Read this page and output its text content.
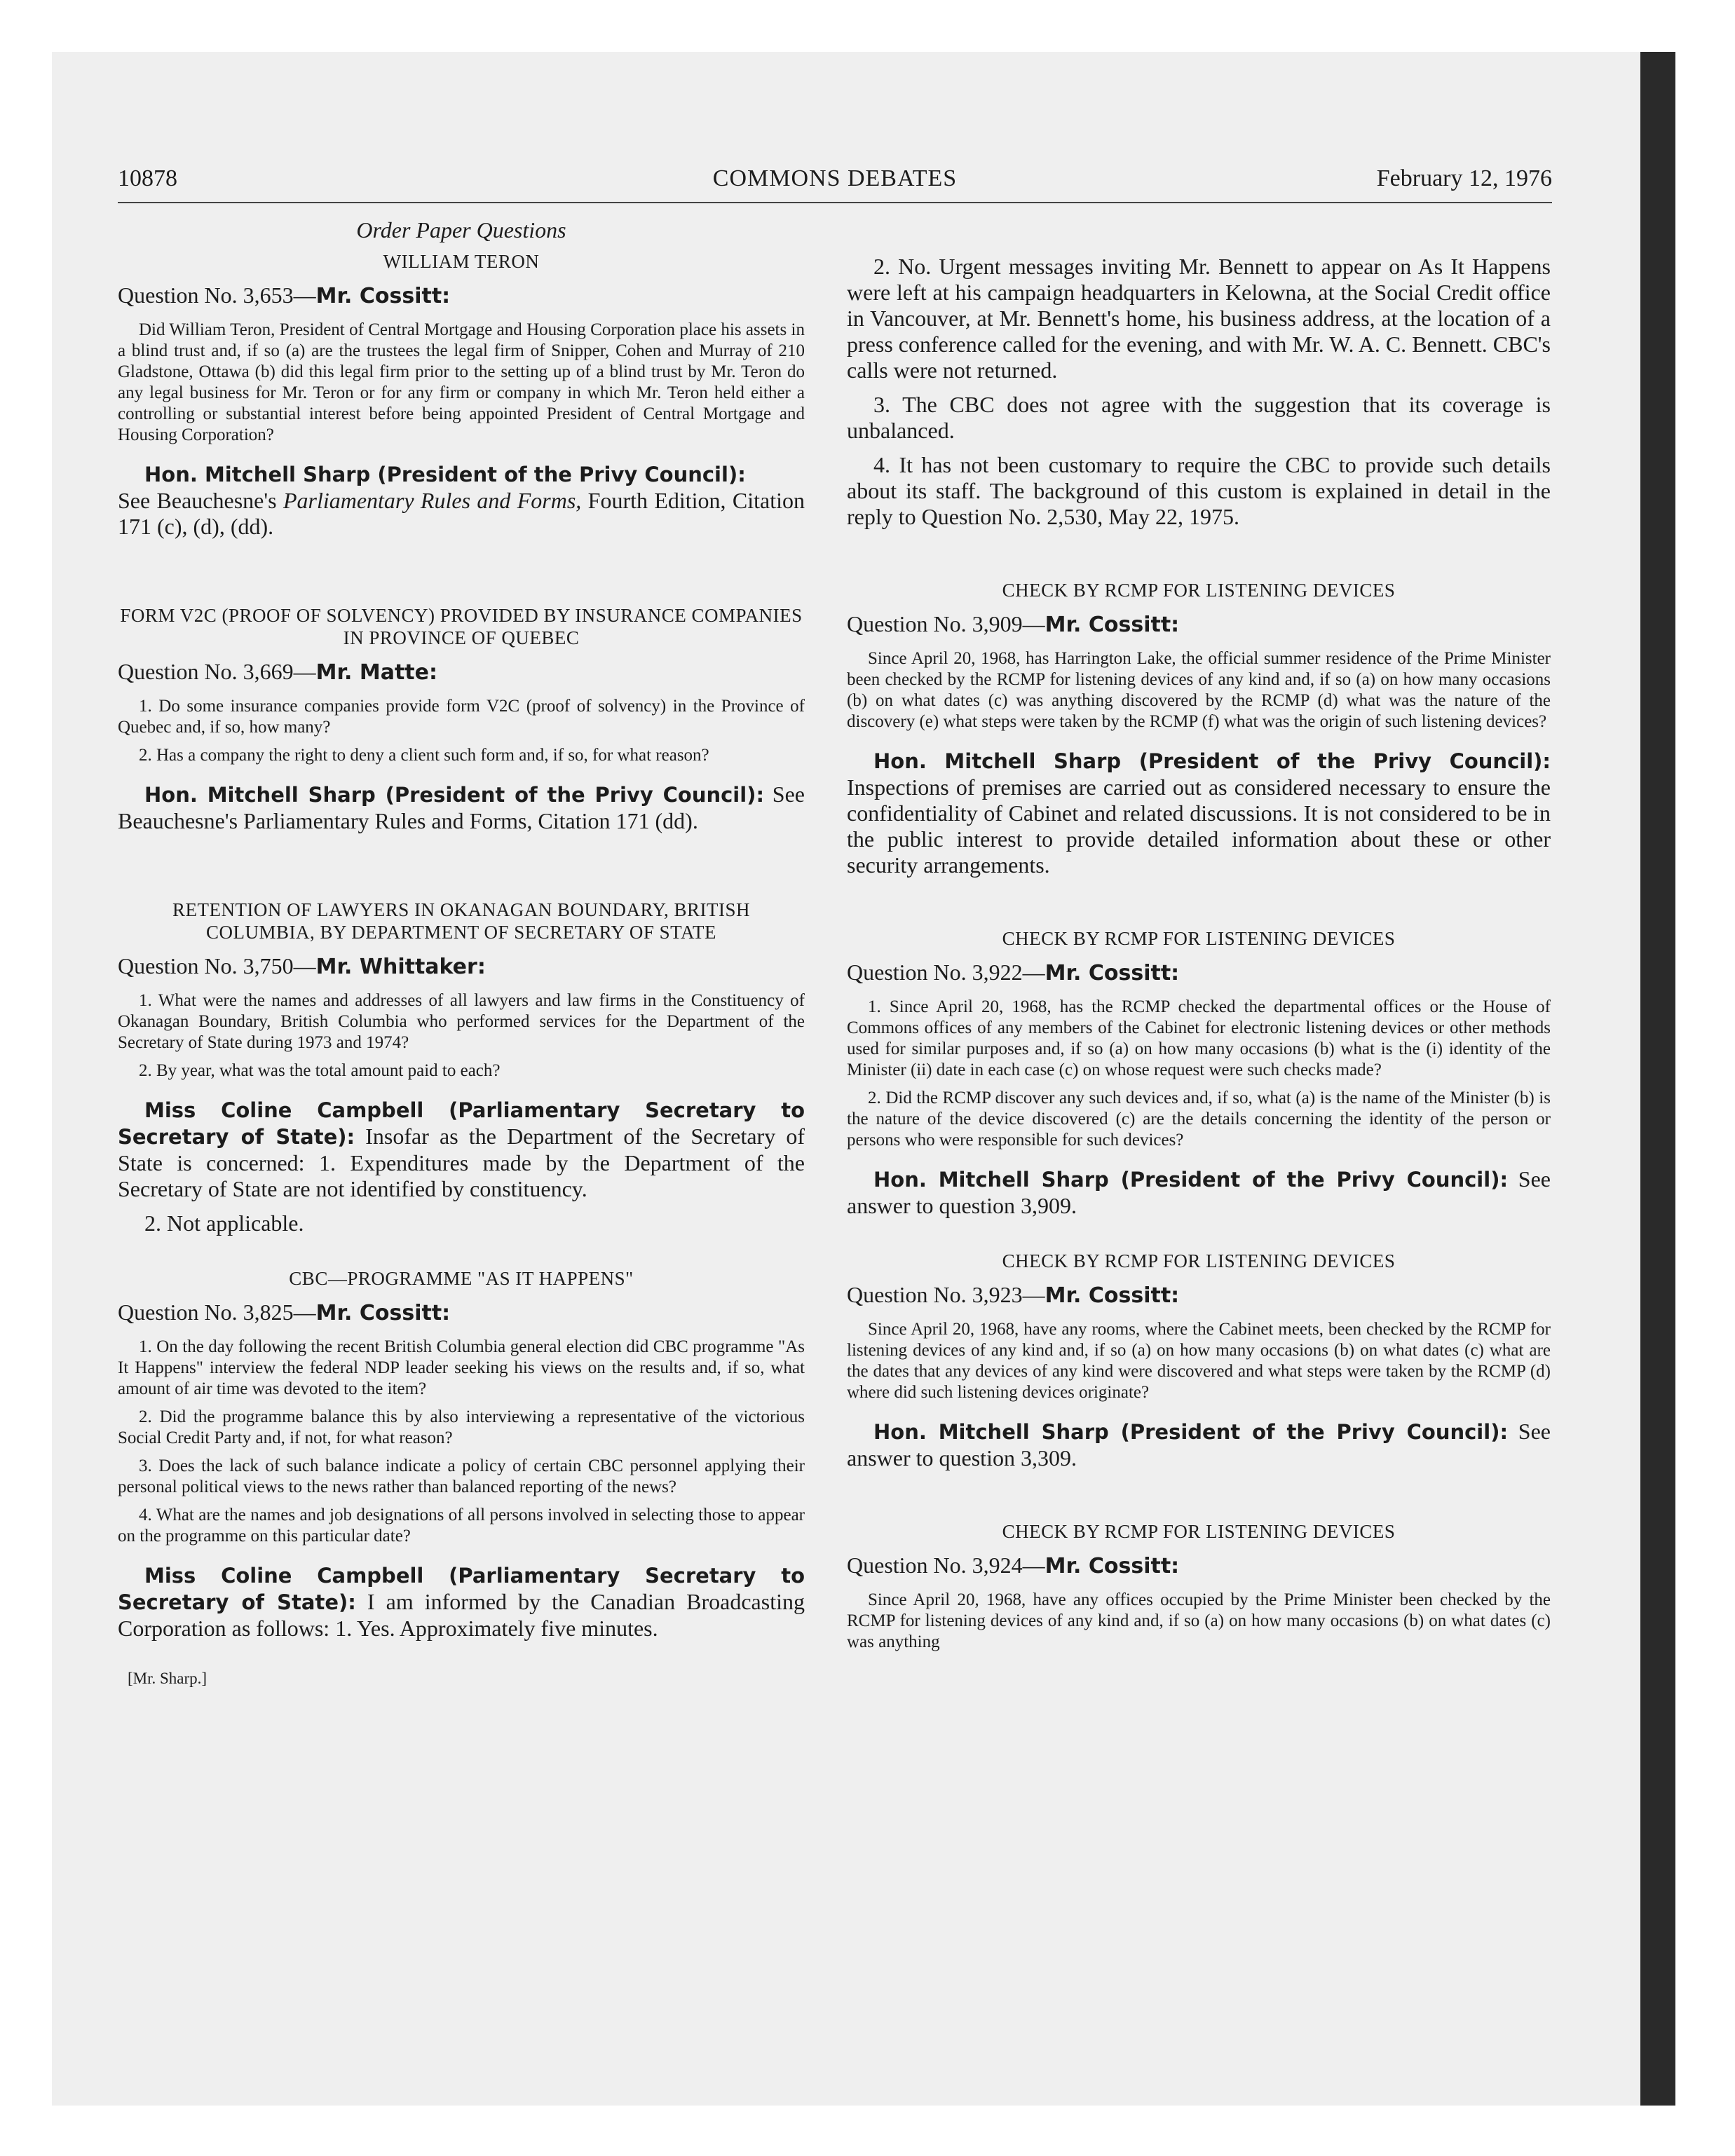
10878	COMMONS DEBATES	February 12, 1976

Order Paper Questions

WILLIAM TERON

Question No. 3,653—Mr. Cossitt:

Did William Teron, President of Central Mortgage and Housing Corporation place his assets in a blind trust and, if so (a) are the trustees the legal firm of Snipper, Cohen and Murray of 210 Gladstone, Ottawa (b) did this legal firm prior to the setting up of a blind trust by Mr. Teron do any legal business for Mr. Teron or for any firm or company in which Mr. Teron held either a controlling or substantial interest before being appointed President of Central Mortgage and Housing Corporation?

Hon. Mitchell Sharp (President of the Privy Council):
See Beauchesne's Parliamentary Rules and Forms, Fourth Edition, Citation 171 (c), (d), (dd).

FORM V2C (PROOF OF SOLVENCY) PROVIDED BY INSURANCE COMPANIES IN PROVINCE OF QUEBEC

Question No. 3,669—Mr. Matte:

1. Do some insurance companies provide form V2C (proof of solvency) in the Province of Quebec and, if so, how many?

2. Has a company the right to deny a client such form and, if so, for what reason?

Hon. Mitchell Sharp (President of the Privy Council): See Beauchesne's Parliamentary Rules and Forms, Citation 171 (dd).

RETENTION OF LAWYERS IN OKANAGAN BOUNDARY, BRITISH COLUMBIA, BY DEPARTMENT OF SECRETARY OF STATE

Question No. 3,750—Mr. Whittaker:

1. What were the names and addresses of all lawyers and law firms in the Constituency of Okanagan Boundary, British Columbia who performed services for the Department of the Secretary of State during 1973 and 1974?

2. By year, what was the total amount paid to each?

Miss Coline Campbell (Parliamentary Secretary to Secretary of State): Insofar as the Department of the Secretary of State is concerned: 1. Expenditures made by the Department of the Secretary of State are not identified by constituency.

2. Not applicable.

CBC—PROGRAMME "AS IT HAPPENS"

Question No. 3,825—Mr. Cossitt:

1. On the day following the recent British Columbia general election did CBC programme "As It Happens" interview the federal NDP leader seeking his views on the results and, if so, what amount of air time was devoted to the item?

2. Did the programme balance this by also interviewing a representative of the victorious Social Credit Party and, if not, for what reason?

3. Does the lack of such balance indicate a policy of certain CBC personnel applying their personal political views to the news rather than balanced reporting of the news?

4. What are the names and job designations of all persons involved in selecting those to appear on the programme on this particular date?

Miss Coline Campbell (Parliamentary Secretary to Secretary of State): I am informed by the Canadian Broadcasting Corporation as follows: 1. Yes. Approximately five minutes.

[Mr. Sharp.]

2. No. Urgent messages inviting Mr. Bennett to appear on As It Happens were left at his campaign headquarters in Kelowna, at the Social Credit office in Vancouver, at Mr. Bennett's home, his business address, at the location of a press conference called for the evening, and with Mr. W. A. C. Bennett. CBC's calls were not returned.

3. The CBC does not agree with the suggestion that its coverage is unbalanced.

4. It has not been customary to require the CBC to provide such details about its staff. The background of this custom is explained in detail in the reply to Question No. 2,530, May 22, 1975.

CHECK BY RCMP FOR LISTENING DEVICES

Question No. 3,909—Mr. Cossitt:

Since April 20, 1968, has Harrington Lake, the official summer residence of the Prime Minister been checked by the RCMP for listening devices of any kind and, if so (a) on how many occasions (b) on what dates (c) was anything discovered by the RCMP (d) what was the nature of the discovery (e) what steps were taken by the RCMP (f) what was the origin of such listening devices?

Hon. Mitchell Sharp (President of the Privy Council): Inspections of premises are carried out as considered necessary to ensure the confidentiality of Cabinet and related discussions. It is not considered to be in the public interest to provide detailed information about these or other security arrangements.

CHECK BY RCMP FOR LISTENING DEVICES

Question No. 3,922—Mr. Cossitt:

1. Since April 20, 1968, has the RCMP checked the departmental offices or the House of Commons offices of any members of the Cabinet for electronic listening devices or other methods used for similar purposes and, if so (a) on how many occasions (b) what is the (i) identity of the Minister (ii) date in each case (c) on whose request were such checks made?

2. Did the RCMP discover any such devices and, if so, what (a) is the name of the Minister (b) is the nature of the device discovered (c) are the details concerning the identity of the person or persons who were responsible for such devices?

Hon. Mitchell Sharp (President of the Privy Council): See answer to question 3,909.

CHECK BY RCMP FOR LISTENING DEVICES

Question No. 3,923—Mr. Cossitt:

Since April 20, 1968, have any rooms, where the Cabinet meets, been checked by the RCMP for listening devices of any kind and, if so (a) on how many occasions (b) on what dates (c) what are the dates that any devices of any kind were discovered and what steps were taken by the RCMP (d) where did such listening devices originate?

Hon. Mitchell Sharp (President of the Privy Council): See answer to question 3,309.

CHECK BY RCMP FOR LISTENING DEVICES

Question No. 3,924—Mr. Cossitt:

Since April 20, 1968, have any offices occupied by the Prime Minister been checked by the RCMP for listening devices of any kind and, if so (a) on how many occasions (b) on what dates (c) was anything
